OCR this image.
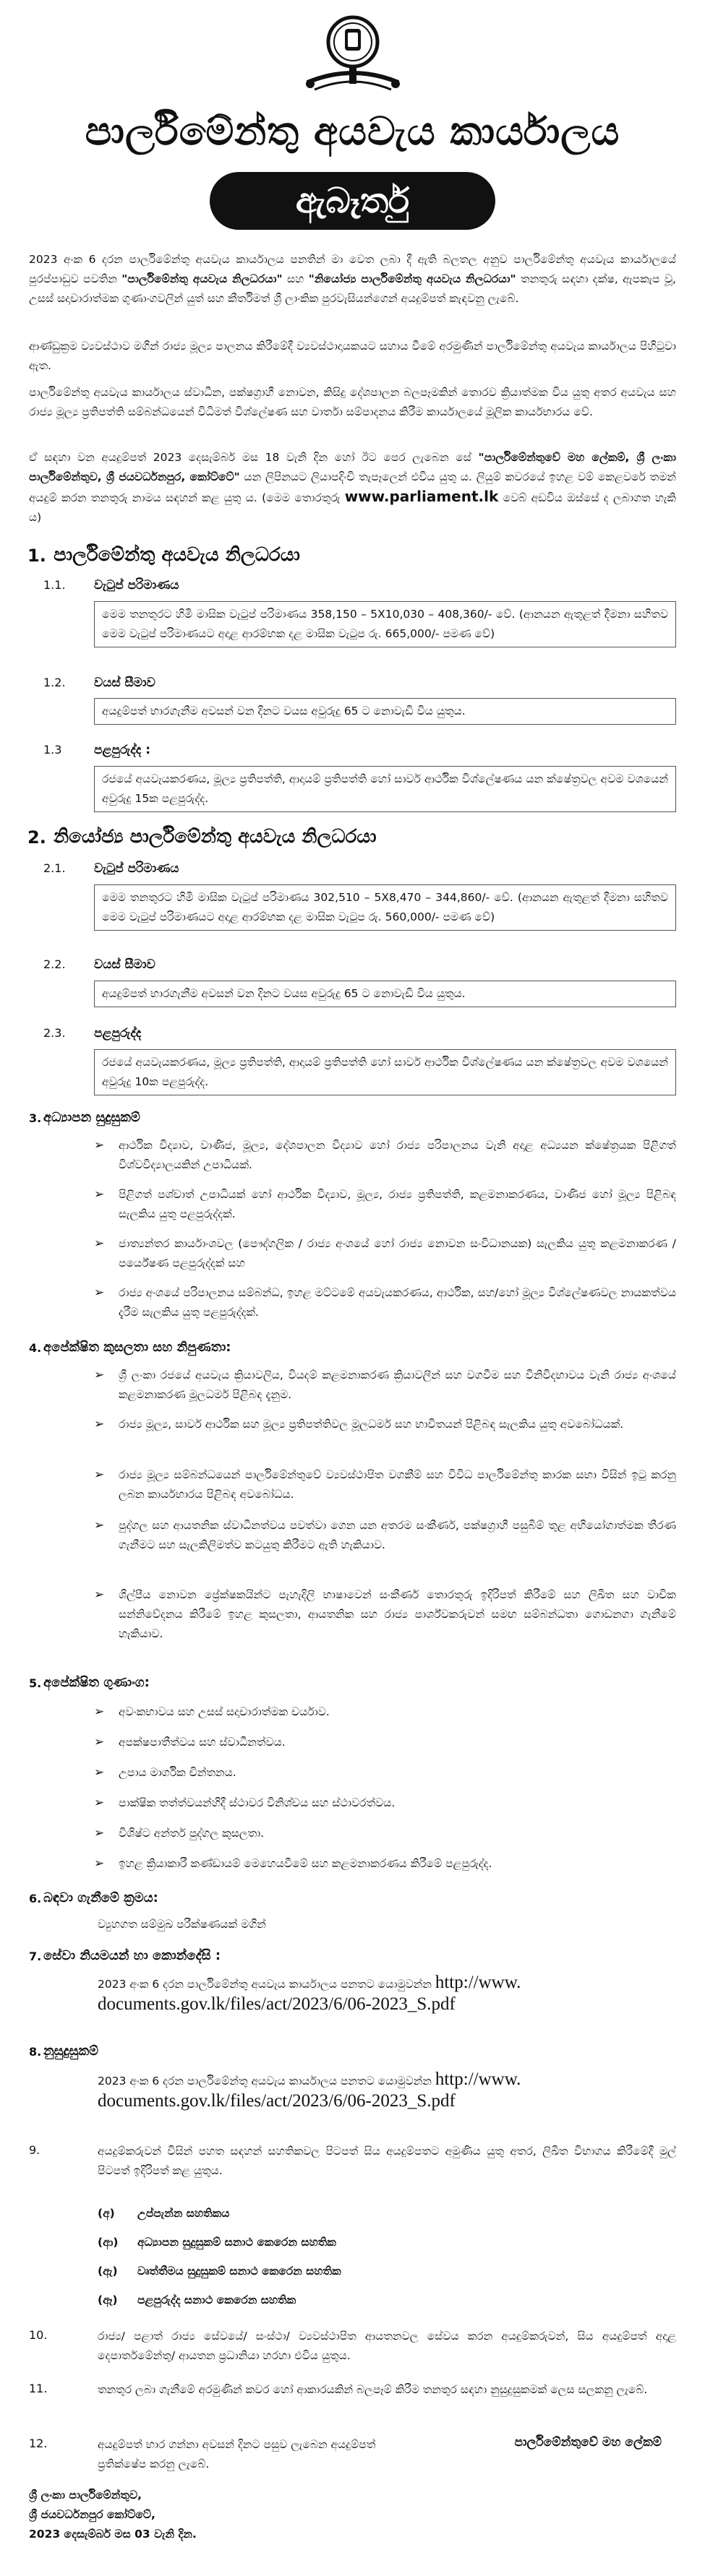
පාර්ලිමේන්තු අයවැය කාර්යාලය
ඇබෑර්තු
2023 අංක 6 දරන පාර්ලිමේන්තු අයවැය කාර්යාලය පනතින් මා වෙත ලබා දී ඇති බලතල අනුව පාර්ලිමේන්තු අයවැය කාර්යාලයේ පුරප්පාඩුව පවතින "පාර්ලිමේන්තු අයවැය නිලධරයා" සහ "නියෝජ්‍ය පාර්ලිමේන්තු අයවැය නිලධරයා" තනතුරු සඳහා දක්ෂ, ඇපකැප වූ, උසස් සදාචාරාත්මක ගුණාංගවලින් යුත් සහ කීර්තිමත් ශ්‍රී ලාංකික පුරවැසියන්ගෙන් අයදුම්පත් කැඳවනු ලැබේ.
ආණ්ඩුක්‍රම ව්‍යවස්ථාව මගින් රාජ්‍ය මූල්‍ය පාලනය කිරීමේදී ව්‍යවස්ථාදායකයට සහාය වීමේ අරමුණින් පාර්ලිමේන්තු අයවැය කාර්යාලය පිහිටුවා ඇත.
පාර්ලිමේන්තු අයවැය කාර්යාලය ස්වාධීන, පක්ෂග්‍රාහී නොවන, කිසිදු දේශපාලන බලපෑමකින් තොරව ක්‍රියාත්මක විය යුතු අතර අයවැය සහ රාජ්‍ය මූල්‍ය ප්‍රතිපත්ති සම්බන්ධයෙන් විධිමත් විශ්ලේෂණ සහ වාර්තා සම්පාදනය කිරීම කාර්යාලයේ මූලික කාර්යභාරය වේ.
ඒ සඳහා වන අයදුම්පත් 2023 දෙසැම්බර් මස 18 වැනි දින හෝ ඊට පෙර ලැබෙන සේ "පාර්ලිමේන්තුවේ මහ ලේකම්, ශ්‍රී ලංකා පාර්ලිමේන්තුව, ශ්‍රී ජයවර්ධනපුර, කෝට්ටේ" යන ලිපිනයට ලියාපදිංචි තැපෑලෙන් එවිය යුතු ය. ලියුම් කවරයේ ඉහළ වම් කෙළවරේ තමන් අයදුම් කරන තනතුරු නාමය සඳහන් කළ යුතු ය. (මෙම තොරතුරු www.parliament.lk වෙබ් අඩවිය ඔස්සේ ද ලබාගත හැකි ය)
1. පාර්ලිමේන්තු අයවැය නිලධරයා
1.1. වැටුප් පරිමාණය
මෙම තනතුරට හිමි මාසික වැටුප් පරිමාණය 358,150 – 5X10,030 – 408,360/- වේ. (ආනයන ඇතුළත් දීමනා සහිතව මෙම වැටුප් පරිමාණයට අදාළ ආරම්භක දළ මාසික වැටුප රු. 665,000/- පමණ වේ)
1.2. වයස් සීමාව
අයදුම්පත් භාරගැනීම අවසන් වන දිනට වයස අවුරුදු 65 ට නොවැඩි විය යුතුය.
1.3	පළපුරුද්ද :
රජයේ අයවැයකරණය, මූල්‍ය ප්‍රතිපත්ති, ආදායම් ප්‍රතිපත්ති හෝ සාර්ව ආර්ථික විශ්ලේෂණය යන ක්ෂේත්‍රවල අවම වශයෙන් අවුරුදු 15ක පළපුරුද්ද.
2. නියෝජ්‍ය පාර්ලිමේන්තු අයවැය නිලධරයා
2.1. වැටුප් පරිමාණය
මෙම තනතුරට හිමි මාසික වැටුප් පරිමාණය 302,510 – 5X8,470 – 344,860/- වේ. (ආනයන ඇතුළත් දීමනා සහිතව මෙම වැටුප් පරිමාණයට අදාළ ආරම්භක දළ මාසික වැටුප රු. 560,000/- පමණ වේ)
2.2. වයස් සීමාව
අයදුම්පත් භාරගැනීම අවසන් වන දිනට වයස අවුරුදු 65 ට නොවැඩි විය යුතුය.
2.3. පළපුරුද්ද
රජයේ අයවැයකරණය, මූල්‍ය ප්‍රතිපත්ති, ආදායම් ප්‍රතිපත්ති හෝ සාර්ව ආර්ථික විශ්ලේෂණය යන ක්ෂේත්‍රවල අවම වශයෙන් අවුරුදු 10ක පළපුරුද්ද.
3. අධ්‍යාපන සුදුසුකම්
➢ ආර්ථික විද්‍යාව, වාණිජ, මූල්‍ය, දේශපාලන විද්‍යාව හෝ රාජ්‍ය පරිපාලනය වැනි අදාළ අධ්‍යයන ක්ෂේත්‍රයක පිළිගත් විශ්වවිද්‍යාලයකින් උපාධියක්.
➢ පිළිගත් පශ්චාත් උපාධියක් හෝ ආර්ථික විද්‍යාව, මූල්‍ය, රාජ්‍ය ප්‍රතිපත්ති, කළමනාකරණය, වාණිජ හෝ මූල්‍ය පිළිබඳ සැලකිය යුතු පළපුරුද්දක්.
➢ ජාත්‍යන්තර කාර්යාංශවල (පෞද්ගලික / රාජ්‍ය අංශයේ හෝ රාජ්‍ය නොවන සංවිධානයක) සැලකිය යුතු කළමනාකරණ / පර්යේෂණ පළපුරුද්දක් සහ
➢ රාජ්‍ය අංශයේ පරිපාලනය සම්බන්ධ, ඉහළ මට්ටමේ අයවැයකරණය, ආර්ථික, සහ/හෝ මූල්‍ය විශ්ලේෂණවල නායකත්වය දැරීම සැලකිය යුතු පළපුරුද්දක්.
4. අපේක්ෂිත කුසලතා සහ නිපුණතා:
➢ ශ්‍රී ලංකා රජයේ අයවැය ක්‍රියාවලිය, වියදම් කළමනාකරණ ක්‍රියාවලීන් සහ වගවීම සහ විනිවිදභාවය වැනි රාජ්‍ය අංශයේ කළමනාකරණ මූලධර්ම පිළිබඳ දැනුම.
➢ රාජ්‍ය මූල්‍ය, සාර්ව ආර්ථික සහ මූල්‍ය ප්‍රතිපත්තිවල මූලධර්ම සහ භාවිතයන් පිළිබඳ සැලකිය යුතු අවබෝධයක්.
➢ රාජ්‍ය මූල්‍ය සම්බන්ධයෙන් පාර්ලිමේන්තුවේ ව්‍යවස්ථාපිත වගකීම් සහ විවිධ පාර්ලිමේන්තු කාරක සභා විසින් ඉටු කරනු ලබන කාර්යභාරය පිළිබඳ අවබෝධය.
➢ පුද්ගල සහ ආයතනික ස්වාධීනත්වය පවත්වා ගෙන යන අතරම සංකීර්ණ, පක්ෂග්‍රාහී පසුබිම් තුළ අභියෝගාත්මක තීරණ ගැනීමට සහ සැලකිලිමත්ව කටයුතු කිරීමට ඇති හැකියාව.
➢ ශිල්පීය නොවන ප්‍රේක්ෂකයින්ට පැහැදිලි භාෂාවෙන් සංකීර්ණ තොරතුරු ඉදිරිපත් කිරීමේ සහ ලිඛිත සහ වාචික සන්නිවේදනය කිරීමේ ඉහළ කුසලතා, ආයතනික සහ රාජ්‍ය පාර්ශ්වකරුවන් සමඟ සම්බන්ධතා ගොඩනගා ගැනීමේ හැකියාව.
5. අපේක්ෂිත ගුණාංග:
➢ අවංකභාවය සහ උසස් සදාචාරාත්මක චර්යාව.
➢ අපක්ෂපාතීත්වය සහ ස්වාධීනත්වය.
➢ උපාය මාර්ගික චින්තනය.
➢ පාක්ෂික තත්ත්වයන්හිදී ස්ථාවර විනිශ්චය සහ ස්ථාවරත්වය.
➢ විශිෂ්ට අන්තර් පුද්ගල කුසලතා.
➢ ඉහළ ක්‍රියාකාරී කණ්ඩායම් මෙහෙයවීමේ සහ කළමනාකරණය කිරීමේ පළපුරුද්ද.
6. බඳවා ගැනීමේ ක්‍රමය:
ව්‍යුහගත සම්මුඛ පරීක්ෂණයක් මගින්
7. සේවා නියමයන් හා කොන්දේසි :
2023 අංක 6 දරන පාර්ලිමේන්තු අයවැය කාර්යාලය පනතට යොමුවන්න http://www.
documents.gov.lk/files/act/2023/6/06-2023_S.pdf
8. නුසුදුසුකම්
2023 අංක 6 දරන පාර්ලිමේන්තු අයවැය කාර්යාලය පනතට යොමුවන්න http://www.
documents.gov.lk/files/act/2023/6/06-2023_S.pdf
9.	අයදුම්කරුවන් විසින් පහත සඳහන් සහතිකවල පිටපත් සිය අයදුම්පතට අමුණිය යුතු අතර, ලිඛිත විභාගය කිරීමේදී මුල් පිටපත් ඉදිරිපත් කළ යුතුය.
(අ) උප්පැන්න සහතිකය
(ආ) අධ්‍යාපන සුදුසුකම් සනාථ කෙරෙන සහතික
(ඇ) වෘත්තීමය සුදුසුකම් සනාථ කෙරෙන සහතික
(ඈ) පළපුරුද්ද සනාථ කෙරෙන සහතික
10.	රාජ්‍ය/ පළාත් රාජ්‍ය සේවයේ/ සංස්ථා/ ව්‍යවස්ථාපිත ආයතනවල සේවය කරන අයදුම්කරුවන්, සිය අයදුම්පත් අදාළ දෙපාර්තමේන්තු/ ආයතන ප්‍රධානියා හරහා එවිය යුතුය.
11.	තනතුර ලබා ගැනීමේ අරමුණින් කවර හෝ ආකාරයකින් බලපෑම් කිරීම තනතුර සඳහා නුසුදුසුකමක් ලෙස සලකනු ලැබේ.
12.	අයදුම්පත් භාර ගන්නා අවසන් දිනට පසුව ලැබෙන අයදුම්පත් ප්‍රතික්ෂේප කරනු ලැබේ.
පාර්ලිමේන්තුවේ මහ ලේකම්
ශ්‍රී ලංකා පාර්ලිමේන්තුව,
ශ්‍රී ජයවර්ධනපුර කෝට්ටේ,
2023 දෙසැම්බර් මස 03 වැනි දින.
